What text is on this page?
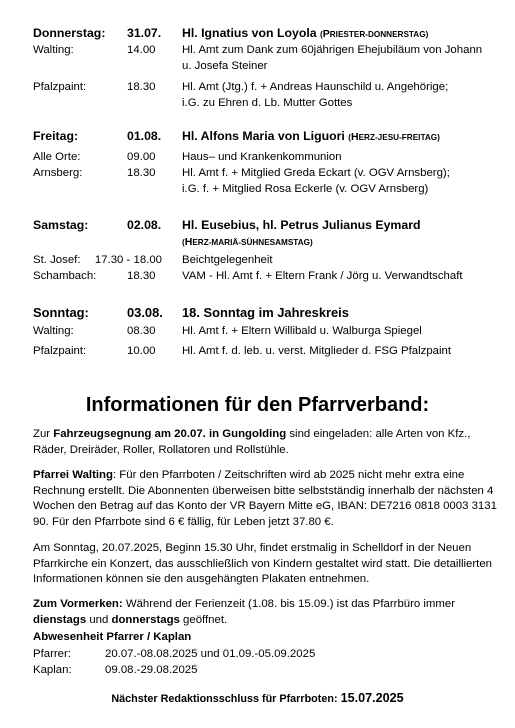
Donnerstag: 31.07. Hl. Ignatius von Loyola (PRIESTER-DONNERSTAG)
Walting:	14.00 Hl. Amt zum Dank zum 60jährigen Ehejubiläum von Johann
u. Josefa Steiner
Pfalzpaint:	18.30 Hl. Amt (Jtg.) f. + Andreas Haunschild u. Angehörige;
i.G. zu Ehren d. Lb. Mutter Gottes
Freitag:	01.08. Hl. Alfons Maria von Liguori (HERZ-JESU-FREITAG)
Alle Orte:	09.00 Haus– und Krankenkommunion
Arnsberg:	18.30 Hl. Amt f. + Mitglied Greda Eckart (v. OGV Arnsberg);
i.G. f. + Mitglied Rosa Eckerle (v. OGV Arnsberg)
Samstag:	02.08. Hl. Eusebius, hl. Petrus Julianus Eymard
(HERZ-MARIÄ-SÜHNESAMSTAG)
St. Josef:	17.30 - 18.00 Beichtgelegenheit
Schambach:	18.30 VAM - Hl. Amt f. + Eltern Frank / Jörg u. Verwandtschaft
Sonntag:	03.08. 18. Sonntag im Jahreskreis
Walting:	08.30 Hl. Amt f. + Eltern Willibald u. Walburga Spiegel
Pfalzpaint:	10.00 Hl. Amt f. d. leb. u. verst. Mitglieder d. FSG Pfalzpaint
Informationen für den Pfarrverband:
Zur Fahrzeugsegnung am 20.07. in Gungolding sind eingeladen: alle Arten von Kfz.,
Räder, Dreiräder, Roller, Rollatoren und Rollstühle.
Pfarrei Walting: Für den Pfarrboten / Zeitschriften wird ab 2025 nicht mehr extra eine
Rechnung erstellt. Die Abonnenten überweisen bitte selbstständig innerhalb der nächsten 4
Wochen den Betrag auf das Konto der VR Bayern Mitte eG, IBAN: DE7216 0818 0003 3131
90. Für den Pfarrbote sind 6 € fällig, für Leben jetzt 37.80 €.
Am Sonntag, 20.07.2025, Beginn 15.30 Uhr, findet erstmalig in Schelldorf in der Neuen
Pfarrkirche ein Konzert, das ausschließlich von Kindern gestaltet wird statt. Die detaillierten
Informationen können sie den ausgehängten Plakaten entnehmen.
Zum Vormerken: Während der Ferienzeit (1.08. bis 15.09.) ist das Pfarrbüro immer
dienstags und donnerstags geöffnet.
Abwesenheit Pfarrer / Kaplan
Pfarrer:	20.07.-08.08.2025 und 01.09.-05.09.2025
Kaplan:	09.08.-29.08.2025
Nächster Redaktionsschluss für Pfarrboten: 15.07.2025
